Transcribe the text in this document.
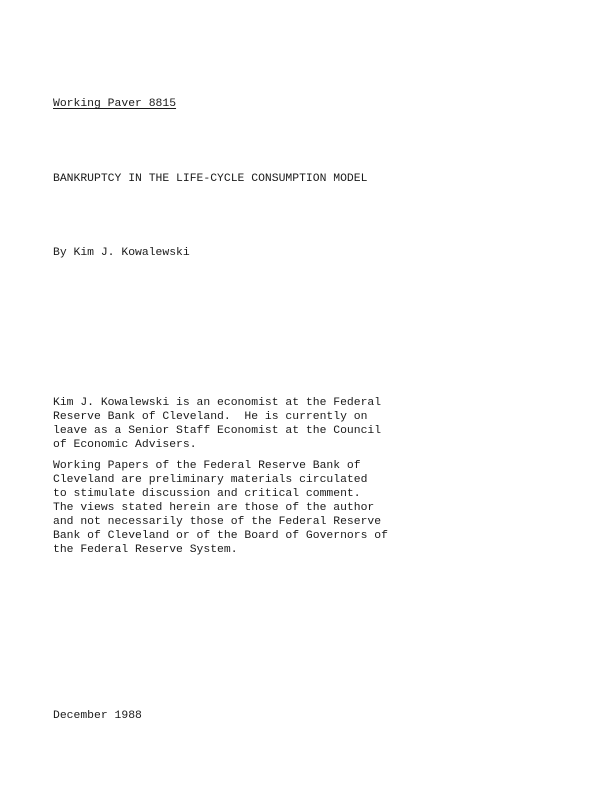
Working Paver 8815

BANKRUPTCY IN THE LIFE-CYCLE CONSUMPTION MODEL

By Kim J. Kowalewski

Kim J. Kowalewski is an economist at the Federal
Reserve Bank of Cleveland.  He is currently on
leave as a Senior Staff Economist at the Council
of Economic Advisers.
Working Papers of the Federal Reserve Bank of
Cleveland are preliminary materials circulated
to stimulate discussion and critical comment.
The views stated herein are those of the author
and not necessarily those of the Federal Reserve
Bank of Cleveland or of the Board of Governors of
the Federal Reserve System.

December 1988
